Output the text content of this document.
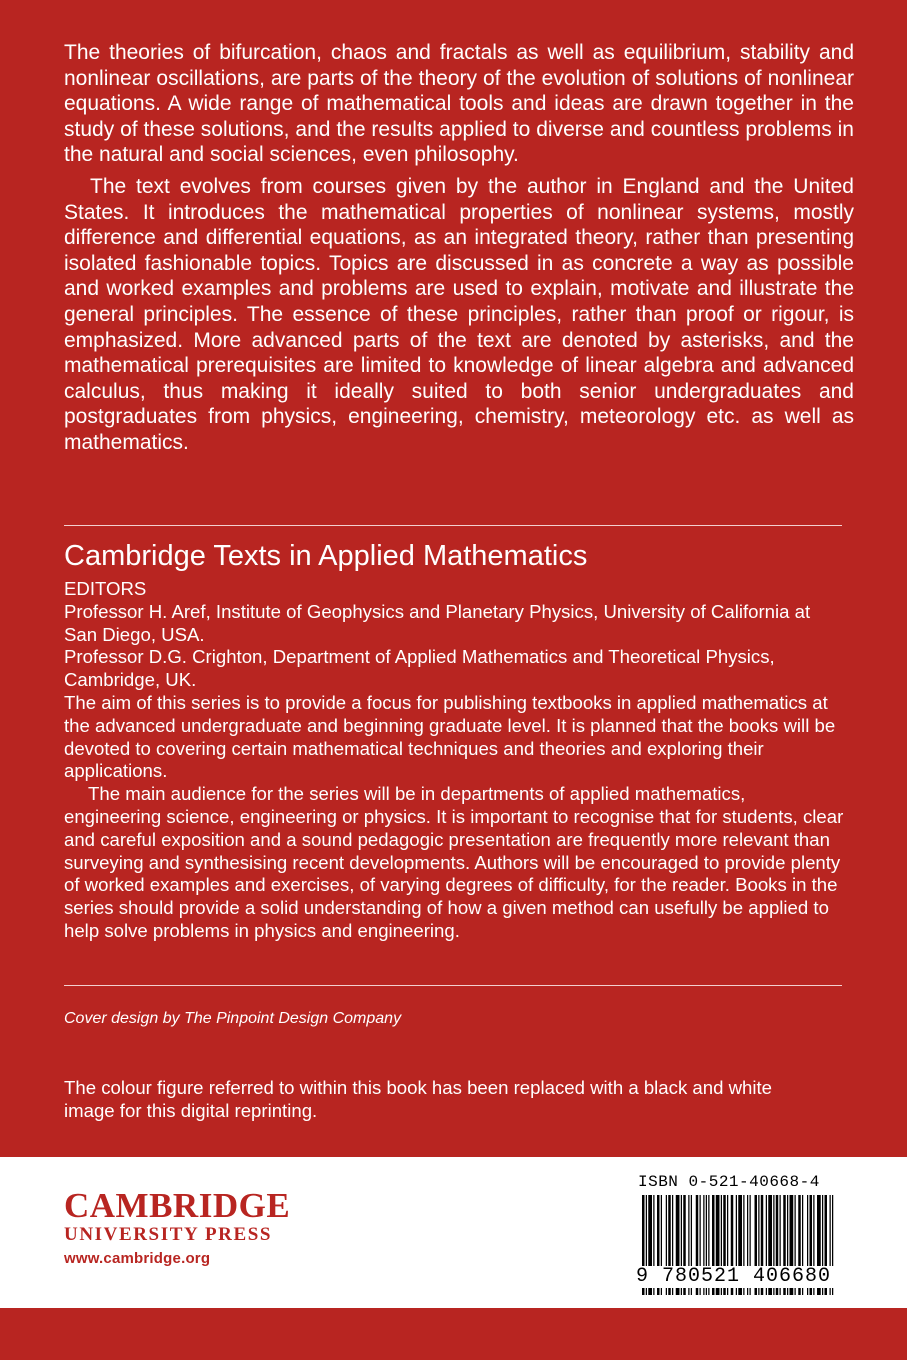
The theories of bifurcation, chaos and fractals as well as equilibrium, stability and nonlinear oscillations, are parts of the theory of the evolution of solutions of nonlinear equations. A wide range of mathematical tools and ideas are drawn together in the study of these solutions, and the results applied to diverse and countless problems in the natural and social sciences, even philosophy.

The text evolves from courses given by the author in England and the United States. It introduces the mathematical properties of nonlinear systems, mostly difference and differential equations, as an integrated theory, rather than presenting isolated fashionable topics. Topics are discussed in as concrete a way as possible and worked examples and problems are used to explain, motivate and illustrate the general principles. The essence of these principles, rather than proof or rigour, is emphasized. More advanced parts of the text are denoted by asterisks, and the mathematical prerequisites are limited to knowledge of linear algebra and advanced calculus, thus making it ideally suited to both senior undergraduates and postgraduates from physics, engineering, chemistry, meteorology etc. as well as mathematics.

Cambridge Texts in Applied Mathematics

EDITORS

Professor H. Aref, Institute of Geophysics and Planetary Physics, University of California at San Diego, USA.

Professor D.G. Crighton, Department of Applied Mathematics and Theoretical Physics, Cambridge, UK.

The aim of this series is to provide a focus for publishing textbooks in applied mathematics at the advanced undergraduate and beginning graduate level. It is planned that the books will be devoted to covering certain mathematical techniques and theories and exploring their applications.

The main audience for the series will be in departments of applied mathematics, engineering science, engineering or physics. It is important to recognise that for students, clear and careful exposition and a sound pedagogic presentation are frequently more relevant than surveying and synthesising recent developments. Authors will be encouraged to provide plenty of worked examples and exercises, of varying degrees of difficulty, for the reader. Books in the series should provide a solid understanding of how a given method can usefully be applied to help solve problems in physics and engineering.

Cover design by The Pinpoint Design Company

The colour figure referred to within this book has been replaced with a black and white image for this digital reprinting.

CAMBRIDGE
UNIVERSITY PRESS
www.cambridge.org
ISBN 0-521-40668-4
9 780521 406680
